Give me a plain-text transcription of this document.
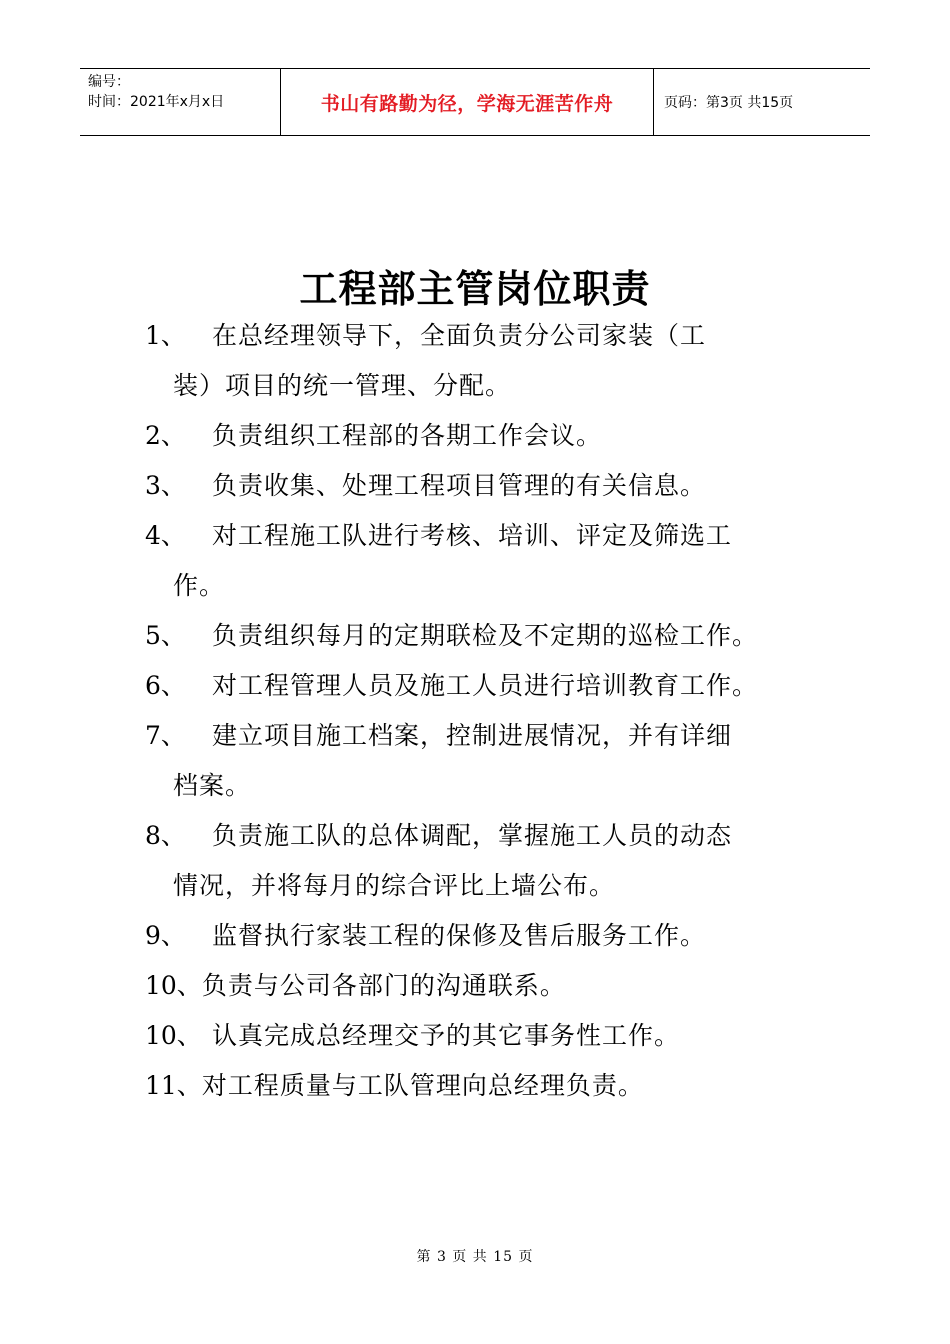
编号：
时间：2021年x月x日	书山有路勤为径，学海无涯苦作舟	页码：第3页 共15页
工程部主管岗位职责
1、	在总经理领导下，全面负责分公司家装（工
装）项目的统一管理、分配。
2、	负责组织工程部的各期工作会议。
3、	负责收集、处理工程项目管理的有关信息。
4、	对工程施工队进行考核、培训、评定及筛选工
作。
5、	负责组织每月的定期联检及不定期的巡检工作。
6、	对工程管理人员及施工人员进行培训教育工作。
7、	建立项目施工档案，控制进展情况，并有详细
档案。
8、	负责施工队的总体调配，掌握施工人员的动态
情况，并将每月的综合评比上墙公布。
9、	监督执行家装工程的保修及售后服务工作。
10、 负责与公司各部门的沟通联系。
10、 认真完成总经理交予的其它事务性工作。
11、 对工程质量与工队管理向总经理负责。
第 3 页 共 15 页
